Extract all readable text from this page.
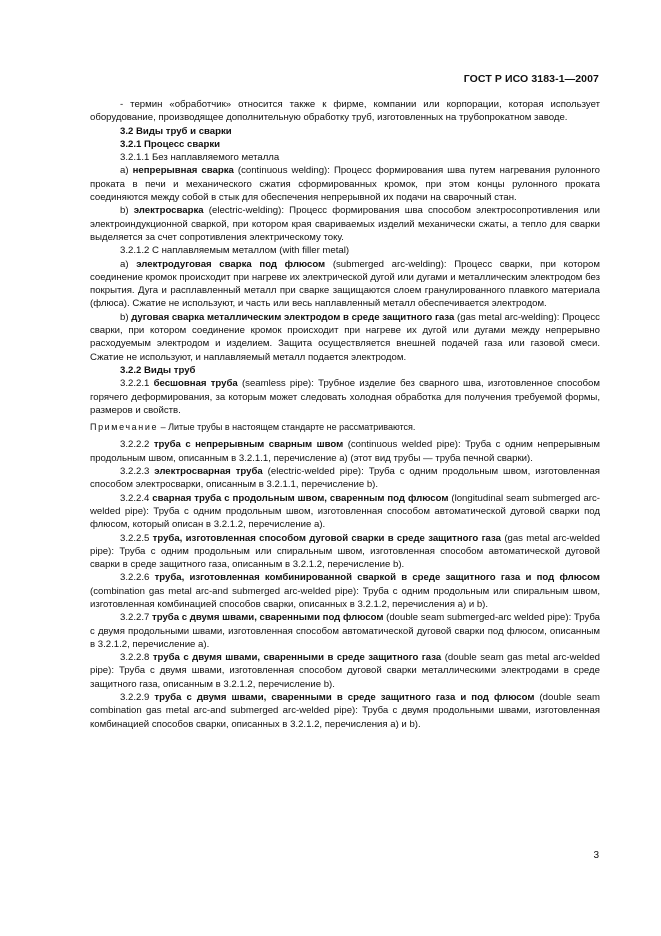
ГОСТ Р ИСО 3183-1—2007

- термин «обработчик» относится также к фирме, компании или корпорации, которая использует оборудование, производящее дополнительную обработку труб, изготовленных на трубопрокатном заводе.

3.2 Виды труб и сварки

3.2.1 Процесс сварки

3.2.1.1 Без наплавляемого металла

а) непрерывная сварка (continuous welding): Процесс формирования шва путем нагревания рулонного проката в печи и механического сжатия сформированных кромок, при этом концы рулонного проката соединяются между собой в стык для обеспечения непрерывной их подачи на сварочный стан.

b) электросварка (electric-welding): Процесс формирования шва способом электросопротивления или электроиндукционной сваркой, при котором края свариваемых изделий механически сжаты, а тепло для сварки выделяется за счет сопротивления электрическому току.

3.2.1.2 С наплавляемым металлом (with filler metal)

а) электродуговая сварка под флюсом (submerged arc-welding): Процесс сварки, при котором соединение кромок происходит при нагреве их электрической дугой или дугами и металлическим электродом без покрытия. Дуга и расплавленный металл при сварке защищаются слоем гранулированного плавкого материала (флюса). Сжатие не используют, и часть или весь наплавленный металл обеспечивается электродом.

b) дуговая сварка металлическим электродом в среде защитного газа (gas metal arc-welding): Процесс сварки, при котором соединение кромок происходит при нагреве их дугой или дугами между непрерывно расходуемым электродом и изделием. Защита осуществляется внешней подачей газа или газовой смеси. Сжатие не используют, и наплавляемый металл подается электродом.

3.2.2 Виды труб

3.2.2.1 бесшовная труба (seamless pipe): Трубное изделие без сварного шва, изготовленное способом горячего деформирования, за которым может следовать холодная обработка для получения требуемой формы, размеров и свойств.

Примечание – Литые трубы в настоящем стандарте не рассматриваются.

3.2.2.2 труба с непрерывным сварным швом (continuous welded pipe): Труба с одним непрерывным продольным швом, описанным в 3.2.1.1, перечисление а) (этот вид трубы — труба печной сварки).

3.2.2.3 электросварная труба (electric-welded pipe): Труба с одним продольным швом, изготовленная способом электросварки, описанным в 3.2.1.1, перечисление b).

3.2.2.4 сварная труба с продольным швом, сваренным под флюсом (longitudinal seam submerged arc-welded pipe): Труба с одним продольным швом, изготовленная способом автоматической дуговой сварки под флюсом, который описан в 3.2.1.2, перечисление а).

3.2.2.5 труба, изготовленная способом дуговой сварки в среде защитного газа (gas metal arc-welded pipe): Труба с одним продольным или спиральным швом, изготовленная способом автоматической дуговой сварки в среде защитного газа, описанным в 3.2.1.2, перечисление b).

3.2.2.6 труба, изготовленная комбинированной сваркой в среде защитного газа и под флюсом (combination gas metal arc-and submerged arc-welded pipe): Труба с одним продольным или спиральным швом, изготовленная комбинацией способов сварки, описанных в 3.2.1.2, перечисления а) и b).

3.2.2.7 труба с двумя швами, сваренными под флюсом (double seam submerged-arc welded pipe): Труба с двумя продольными швами, изготовленная способом автоматической дуговой сварки под флюсом, описанным в 3.2.1.2, перечисление а).

3.2.2.8 труба с двумя швами, сваренными в среде защитного газа (double seam gas metal arc-welded pipe): Труба с двумя швами, изготовленная способом дуговой сварки металлическими электродами в среде защитного газа, описанным в 3.2.1.2, перечисление b).

3.2.2.9 труба с двумя швами, сваренными в среде защитного газа и под флюсом (double seam combination gas metal arc-and submerged arc-welded pipe): Труба с двумя продольными швами, изготовленная комбинацией способов сварки, описанных в 3.2.1.2, перечисления а) и b).

3
